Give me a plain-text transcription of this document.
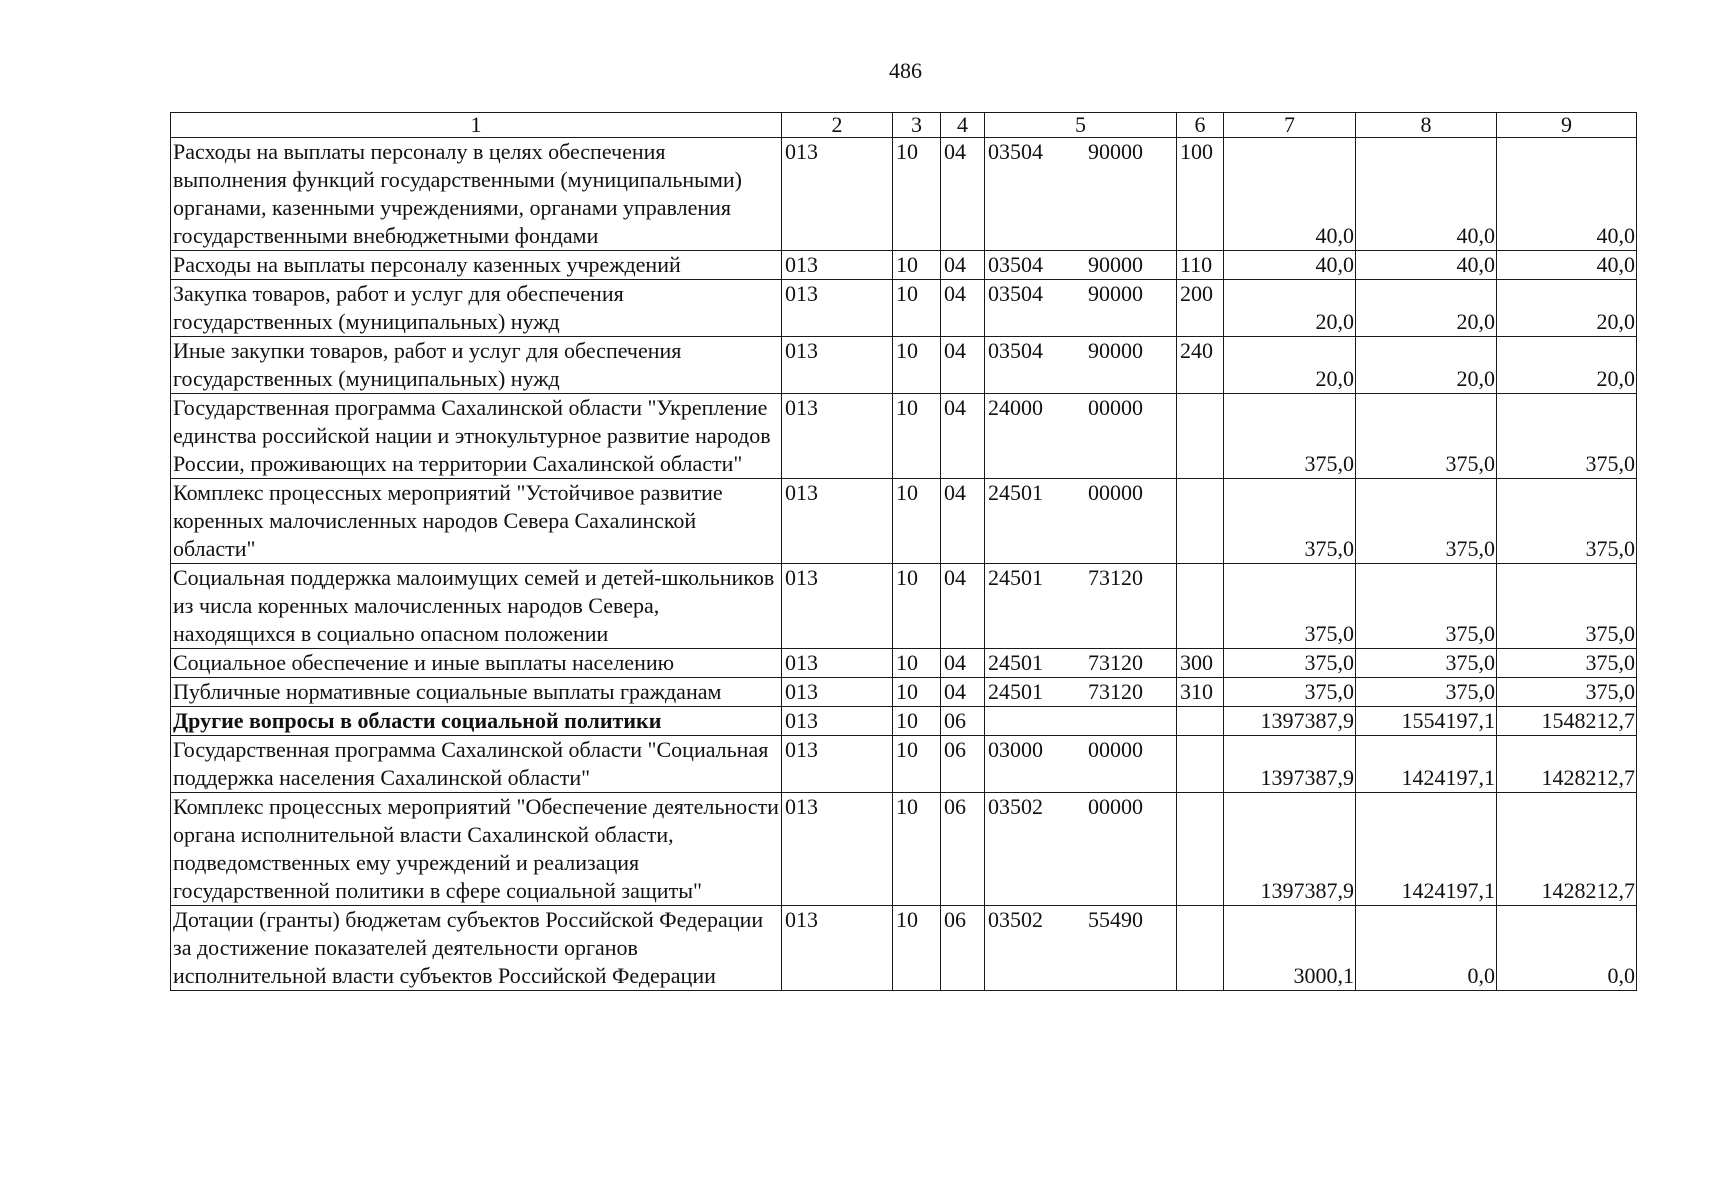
486
1	2	3	4	5	6	7	8	9
Расходы на выплаты персоналу в целях обеспечения выполнения функций государственными (муниципальными) органами, казенными учреждениями, органами управления государственными внебюджетными фондами	013	10	04	03504 90000	100	40,0	40,0	40,0
Расходы на выплаты персоналу казенных учреждений	013	10	04	03504 90000	110	40,0	40,0	40,0
Закупка товаров, работ и услуг для обеспечения государственных (муниципальных) нужд	013	10	04	03504 90000	200	20,0	20,0	20,0
Иные закупки товаров, работ и услуг для обеспечения государственных (муниципальных) нужд	013	10	04	03504 90000	240	20,0	20,0	20,0
Государственная программа Сахалинской области "Укрепление единства российской нации и этнокультурное развитие народов России, проживающих на территории Сахалинской области"	013	10	04	24000 00000		375,0	375,0	375,0
Комплекс процессных мероприятий "Устойчивое развитие коренных малочисленных народов Севера Сахалинской области"	013	10	04	24501 00000		375,0	375,0	375,0
Социальная поддержка малоимущих семей и детей-школьников из числа коренных малочисленных народов Севера, находящихся в социально опасном положении	013	10	04	24501 73120		375,0	375,0	375,0
Социальное обеспечение и иные выплаты населению	013	10	04	24501 73120	300	375,0	375,0	375,0
Публичные нормативные социальные выплаты гражданам	013	10	04	24501 73120	310	375,0	375,0	375,0
Другие вопросы в области социальной политики	013	10	06			1397387,9	1554197,1	1548212,7
Государственная программа Сахалинской области "Социальная поддержка населения Сахалинской области"	013	10	06	03000 00000		1397387,9	1424197,1	1428212,7
Комплекс процессных мероприятий "Обеспечение деятельности органа исполнительной власти Сахалинской области, подведомственных ему учреждений и реализация государственной политики в сфере социальной защиты"	013	10	06	03502 00000		1397387,9	1424197,1	1428212,7
Дотации (гранты) бюджетам субъектов Российской Федерации за достижение показателей деятельности органов исполнительной власти субъектов Российской Федерации	013	10	06	03502 55490		3000,1	0,0	0,0
